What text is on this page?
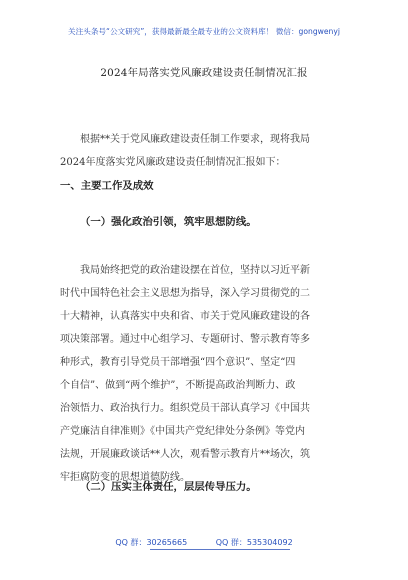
关注头条号“公文研究”，获得最新最全最专业的公文资料库！ 微信：gongwenyj
2024年局落实党风廉政建设责任制情况汇报
根据**关于党风廉政建设责任制工作要求，现将我局
2024年度落实党风廉政建设责任制情况汇报如下：
一、主要工作及成效
（一）强化政治引领，筑牢思想防线。
我局始终把党的政治建设摆在首位，坚持以习近平新
时代中国特色社会主义思想为指导，深入学习贯彻党的二
十大精神，认真落实中央和省、市关于党风廉政建设的各
项决策部署。通过中心组学习、专题研讨、警示教育等多
种形式，教育引导党员干部增强“四个意识”、坚定“四
个自信”、做到“两个维护”，不断提高政治判断力、政
治领悟力、政治执行力。组织党员干部认真学习《中国共
产党廉洁自律准则》《中国共产党纪律处分条例》等党内
法规，开展廉政谈话**人次，观看警示教育片**场次，筑
牢拒腐防变的思想道德防线。
（二）压实主体责任，层层传导压力。
QQ 群：30265665	QQ 群：535304092
